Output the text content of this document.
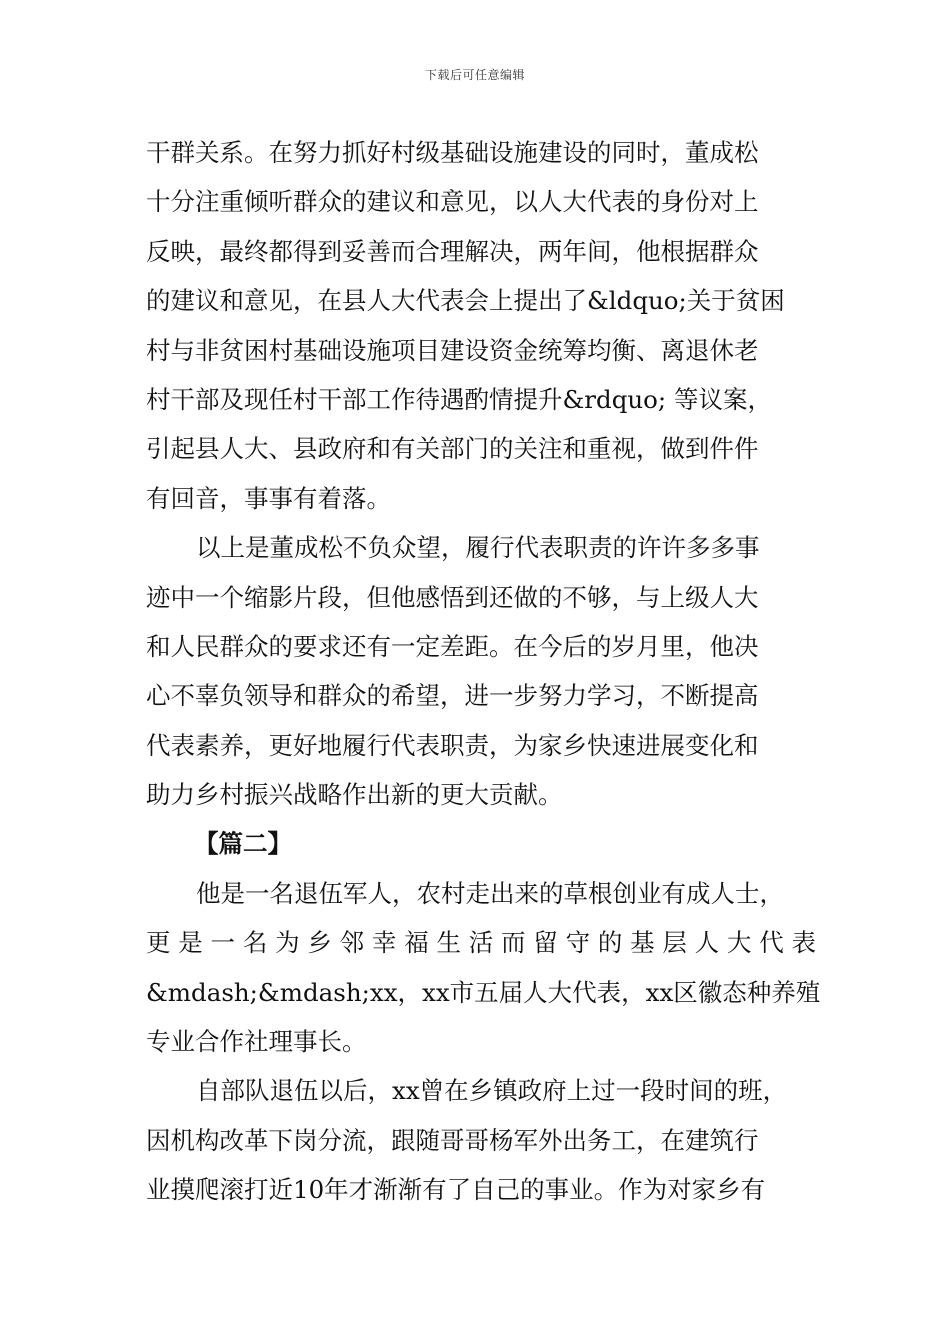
下载后可任意编辑
干群关系。在努力抓好村级基础设施建设的同时，董成松
十分注重倾听群众的建议和意见，以人大代表的身份对上
反映，最终都得到妥善而合理解决，两年间，他根据群众
的建议和意见，在县人大代表会上提出了&ldquo;关于贫困
村与非贫困村基础设施项目建设资金统筹均衡、离退休老
村干部及现任村干部工作待遇酌情提升&rdquo; 等议案，
引起县人大、县政府和有关部门的关注和重视，做到件件
有回音，事事有着落。
以上是董成松不负众望，履行代表职责的许许多多事
迹中一个缩影片段，但他感悟到还做的不够，与上级人大
和人民群众的要求还有一定差距。在今后的岁月里，他决
心不辜负领导和群众的希望，进一步努力学习，不断提高
代表素养，更好地履行代表职责，为家乡快速进展变化和
助力乡村振兴战略作出新的更大贡献。
【篇二】
他是一名退伍军人，农村走出来的草根创业有成人士，
更是一名为乡邻幸福生活而留守的基层人大代表
&mdash;&mdash;xx，xx市五届人大代表，xx区徽态种养殖
专业合作社理事长。
自部队退伍以后，xx曾在乡镇政府上过一段时间的班，
因机构改革下岗分流，跟随哥哥杨军外出务工，在建筑行
业摸爬滚打近10年才渐渐有了自己的事业。作为对家乡有
